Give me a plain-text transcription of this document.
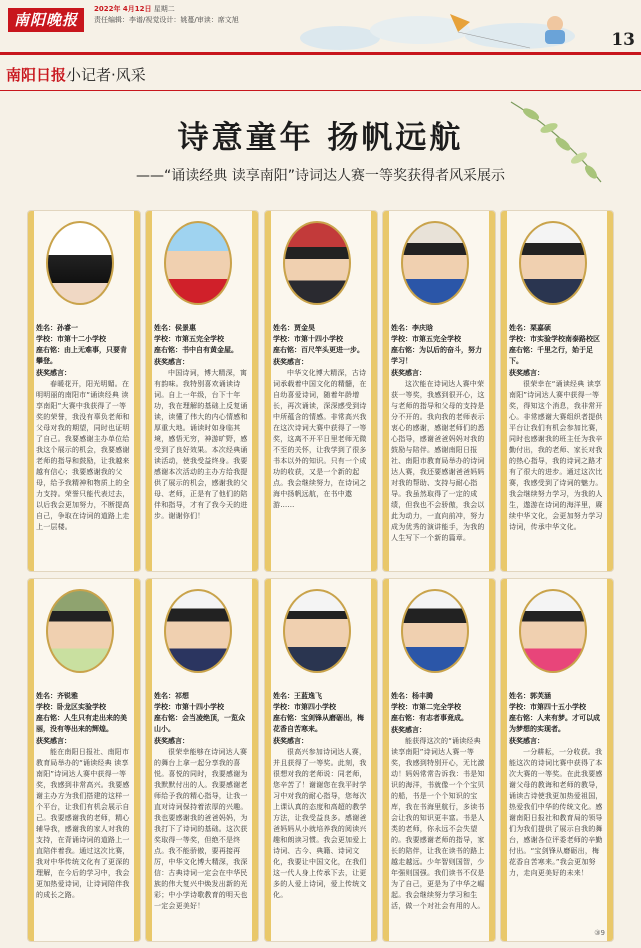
南阳晚报
2022年 4月12日 星期二
责任编辑：李谱/视觉设计：姚蔓/审读：席文旭
13
南阳日报小记者·风采
诗意童年 扬帆远航
——“诵读经典 读享南阳”诗词达人赛一等奖获得者风采展示
姓名：孙睿一
学校：市第十二小学校
座右铭：由上无难事，只要肯攀登。
获奖感言：
春暖花开，阳光明媚。在明明丽的南阳市“诵读经典 读享南阳”大赛中我获得了一等奖的荣誉，我没有辜负老师和父母对我的期望，同时也证明了自己。我要感谢主办单位给我这个展示的机会，我要感谢老师的指导和鼓励，让我越来越有信心；我要感谢我的父母，给予我精神和物质上的全力支持。荣誉只能代表过去，以后我会更加努力，不断提高自己，争取在诗词的道路上走上一层楼。
姓名：侯景惠
学校：市第五完全学校
座右铭：书中自有黄金屋。
获奖感言：
中国诗词，博大精深，寓有韵味。我特别喜欢诵读诗词。自上一年级，台下十年功，我在理解的基础上反复诵读，读懂了伟大的内心情感和厚重大地。诵读时如身临其境，感悟无穷，神游旷野，感受到了良好效果。本次经典诵读活动，使我受益终身。我要感谢本次活动的主办方给我提供了展示的机会，感谢我的父母、老师，正是有了他们的陪伴和指导，才有了我今天的进步。谢谢你们！
姓名：贾金昊
学校：市第十四小学校
座右铭：百尺竿头更进一步。
获奖感言：
中华文化博大精深，古诗词承载着中国文化的精髓，在自幼喜爱诗词，随着年龄增长，再次诵读，深深感受到诗中所蕴含的情感。非常高兴我在这次诗词大赛中获得了一等奖，这离不开平日里老师无微不至的关怀，让我学到了很多书本以外的知识。只有一个成功的收获，又是一个新的起点。我会继续努力，在诗词之海中扬帆远航，在书中遨游……
姓名：李庆晗
学校：市第五完全学校
座右铭：为以后的奋斗，努力学习！
获奖感言：
这次能在诗词达人赛中荣获一等奖，我感到很开心，这与老师的指导和父母的支持是分不开的。我向我的老师表示衷心的感谢，感谢老师们的悉心指导，感谢爸爸妈妈对我的鼓励与陪伴。感谢南阳日报社、南阳市教育局举办的诗词达人赛，我还要感谢爸爸妈妈对我的帮助、支持与耐心指导。我虽然取得了一定的成绩，但我也不会骄傲，我会以此为动力，一直向前冲，努力成为优秀的演讲能手，为我的人生写下一个新的篇章。
姓名：栗嘉硕
学校：市实验学校南泰路校区
座右铭：千里之行，始于足下。
获奖感言：
很荣幸在“诵读经典 读享南阳”诗词达人赛中获得一等奖，得知这个消息，我非常开心。非常感谢大赛组织者提供平台让我们有机会参加比赛，同时也感谢我的班主任为我辛勤付出，我的老师、家长对我的热心指导，我的诗词之路才有了很大的进步。通过这次比赛，我感受到了诗词的魅力。我会继续努力学习，为我的人生，遨游在诗词的海洋里，赓续中华文化，会更加努力学习诗词，传承中华文化。
姓名：齐锐雅
学校：卧龙区实验学校
座右铭：人生只有走出来的美丽，没有等出来的辉煌。
获奖感言：
能在南阳日报社、南阳市教育局举办的“诵读经典 读享南阳”诗词达人赛中获得一等奖，我感到非常高兴。我要感谢主办方为我们搭建的这样一个平台，让我们有机会展示自己。我要感谢我的老师，精心辅导我，感谢我的家人对我的支持，在背诵诗词的道路上一直陪伴着我。通过这次比赛，我对中华传统文化有了更深的理解，在今后的学习中，我会更加热爱诗词，让诗词陪伴我的成长之路。
姓名：祁想
学校：市第十四小学校
座右铭：会当凌绝顶，一览众山小。
获奖感言：
很荣幸能够在诗词达人赛的舞台上拿一起分享我的喜悦。喜悦的同时，我要感谢为我默默付出的人。我要感谢老师给予我的精心指导，让我一直对诗词保持着浓厚的兴趣。我也要感谢我的爸爸妈妈，为我打下了诗词的基础。这次获奖取得一等奖，但绝不是终点。我不能骄傲，要再接再厉，中华文化博大精深，我深信：古典诗词一定会在中华民族的伟大复兴中焕发出新的光彩；中小学诗歌教育的明天也一定会更美好！
姓名：王蓝逸飞
学校：市第四小学校
座右铭：宝剑锋从磨砺出，梅花香自苦寒来。
获奖感言：
很高兴参加诗词达人赛，并且获得了一等奖。此刻，我很想对我的老师说：同老师，您辛苦了！谢谢您在我平时学习中对我的耐心指导，您每次上课认真的态度和高超的教学方法，让我受益良多。感谢爸爸妈妈从小就培养我的阅读兴趣和朗读习惯。我会更加爱上诗词、古今、典籍、诗词文化，我要让中国文化，在我们这一代人身上传承下去，让更多的人爱上诗词，爱上传统文化。
姓名：杨丰腾
学校：市第二完全学校
座右铭：有志者事竟成。
获奖感言：
能获得这次的“诵读经典 读享南阳”诗词达人赛一等奖，我感到特别开心，无比激动！妈妈常常告诉我：书是知识的海洋，书就像一个个宝贝的船，书是一个个知识的宝库，我在书海里航行，多读书会让我的知识更丰富。书是人类的老师，你永远不会失望的。我要感谢老师的指导，家长的陪伴，让我在读书的路上越走越远。少年智则国智，少年强则国强。我们读书不仅是为了自己，更是为了中华之崛起。我会继续努力学习和生活，做一个对社会有用的人。
姓名：郭芙涵
学校：市第四十五小学校
座右铭：人来有梦。才可以成为梦想的实现者。
获奖感言：
一分耕耘，一分收获。我能这次的诗词比赛中获得了本次大赛的一等奖。在此我要感谢父母的教诲和老师的教导，诵读古诗使我更加热爱祖国，热爱我们中华的传统文化。感谢南阳日报社和教育局的领导们为我们提供了展示自我的舞台，感谢各位评委老师的辛勤付出。“宝剑锋从磨砺出，梅花香自苦寒来。”我会更加努力，走向更美好的未来！
③9
